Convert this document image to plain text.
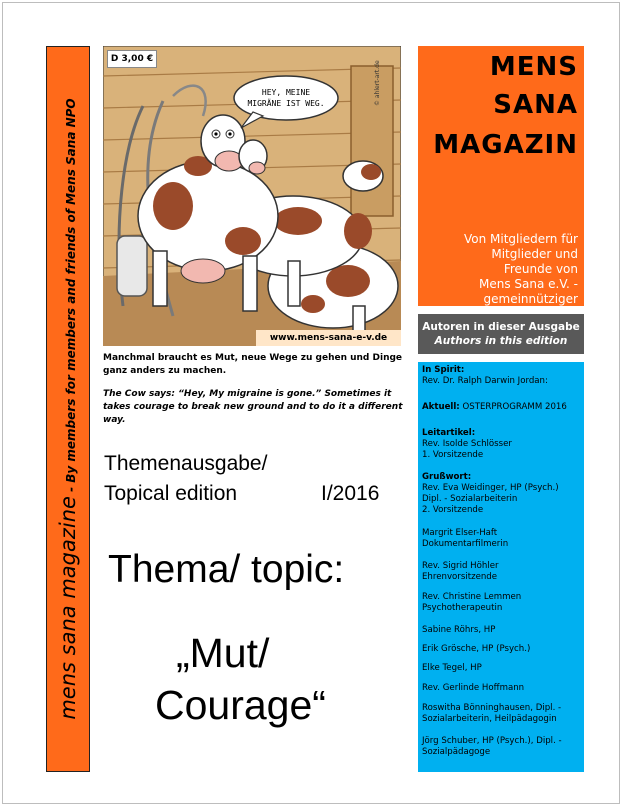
mens sana magazine - By members for members and friends of Mens Sana NPO
HEY, MEINE
MIGRÄNE IST WEG.	© ahlert-art.de
D 3,00 €
www.mens-sana-e-v.de
Manchmal braucht es Mut, neue Wege zu gehen und Dinge ganz anders zu machen.
The Cow says: “Hey, My migraine is gone.” Sometimes it takes courage to break new ground and to do it a different way.
Themenausgabe/
Topical edition	I/2016
Thema/ topic:
„Mut/
Courage“
MENS
SANA
MAGAZIN
Von Mitgliedern für
Mitglieder und
Freunde von
Mens Sana e.V. -
gemeinnütziger
Autoren in dieser Ausgabe
Authors in this edition
In Spirit:
Rev. Dr. Ralph Darwin Jordan:
Aktuell: OSTERPROGRAMM 2016
Leitartikel:
Rev. Isolde Schlösser
1. Vorsitzende
Grußwort:
Rev. Eva Weidinger, HP (Psych.)
Dipl. - Sozialarbeiterin
2. Vorsitzende
Margrit Elser-Haft
Dokumentarfilmerin
Rev. Sigrid Höhler
Ehrenvorsitzende
Rev. Christine Lemmen
Psychotherapeutin
Sabine Röhrs, HP
Erik Grösche, HP (Psych.)
Elke Tegel, HP
Rev. Gerlinde Hoffmann
Roswitha Bönninghausen, Dipl. -
Sozialarbeiterin, Heilpädagogin
Jörg Schuber, HP (Psych.), Dipl. -
Sozialpädagoge
